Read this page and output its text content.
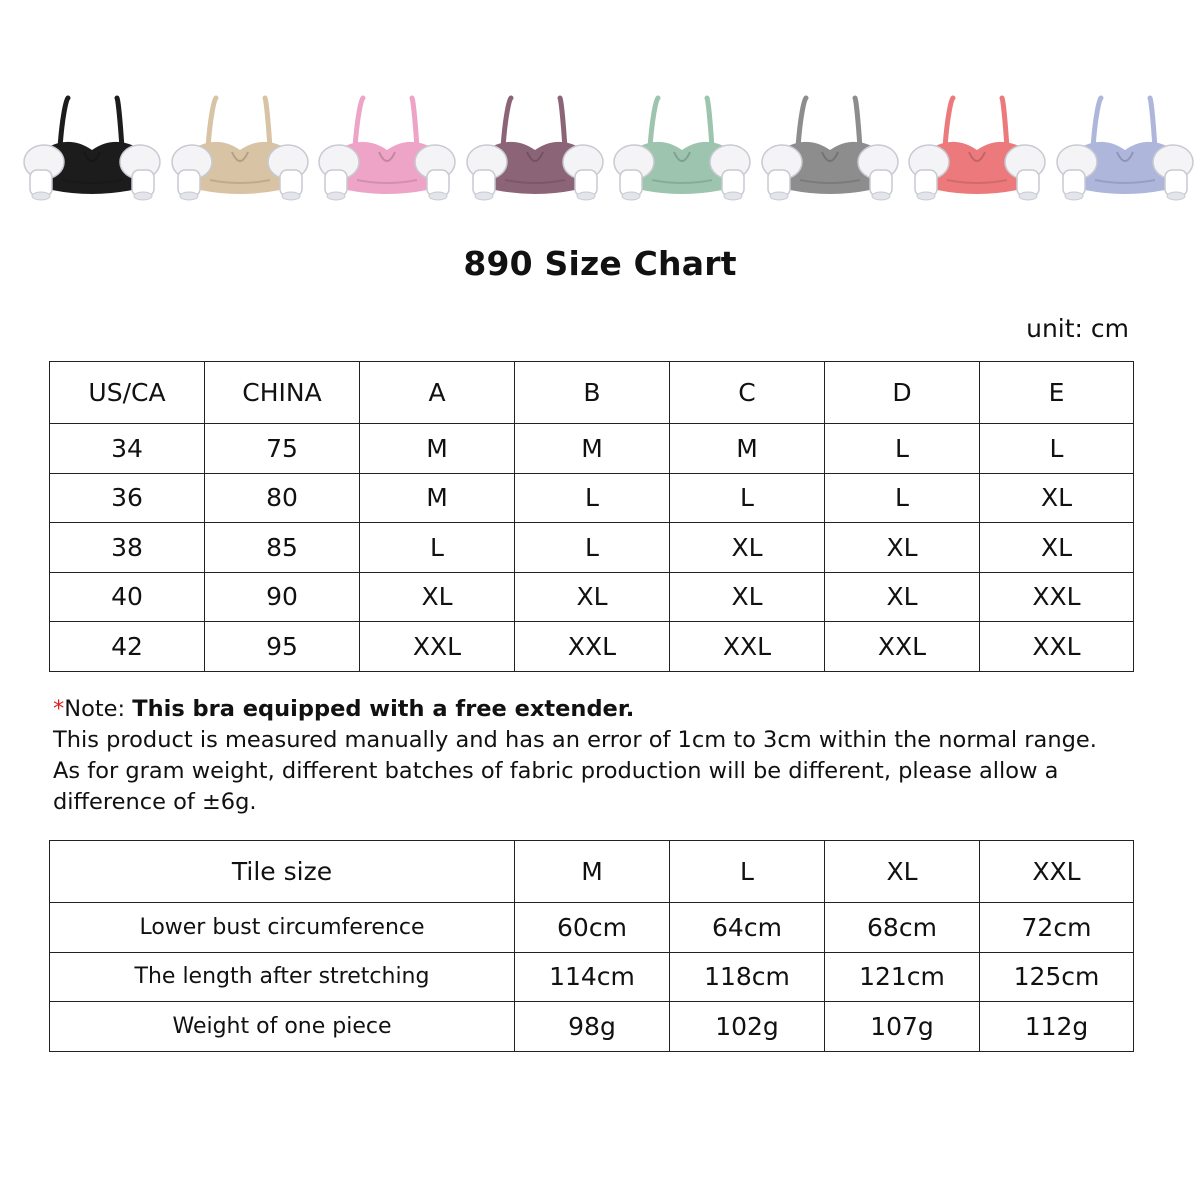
890 Size Chart
unit: cm
US/CA	CHINA	A	B	C	D	E
34	75	M	M	M	L	L
36	80	M	L	L	L	XL
38	85	L	L	XL	XL	XL
40	90	XL	XL	XL	XL	XXL
42	95	XXL	XXL	XXL	XXL	XXL
*Note: This bra equipped with a free extender.
This product is measured manually and has an error of 1cm to 3cm within the normal range.
As for gram weight, different batches of fabric production will be different, please allow a difference of ±6g.
Tile size	M	L	XL	XXL
Lower bust circumference	60cm	64cm	68cm	72cm
The length after stretching	114cm	118cm	121cm	125cm
Weight of one piece	98g	102g	107g	112g
